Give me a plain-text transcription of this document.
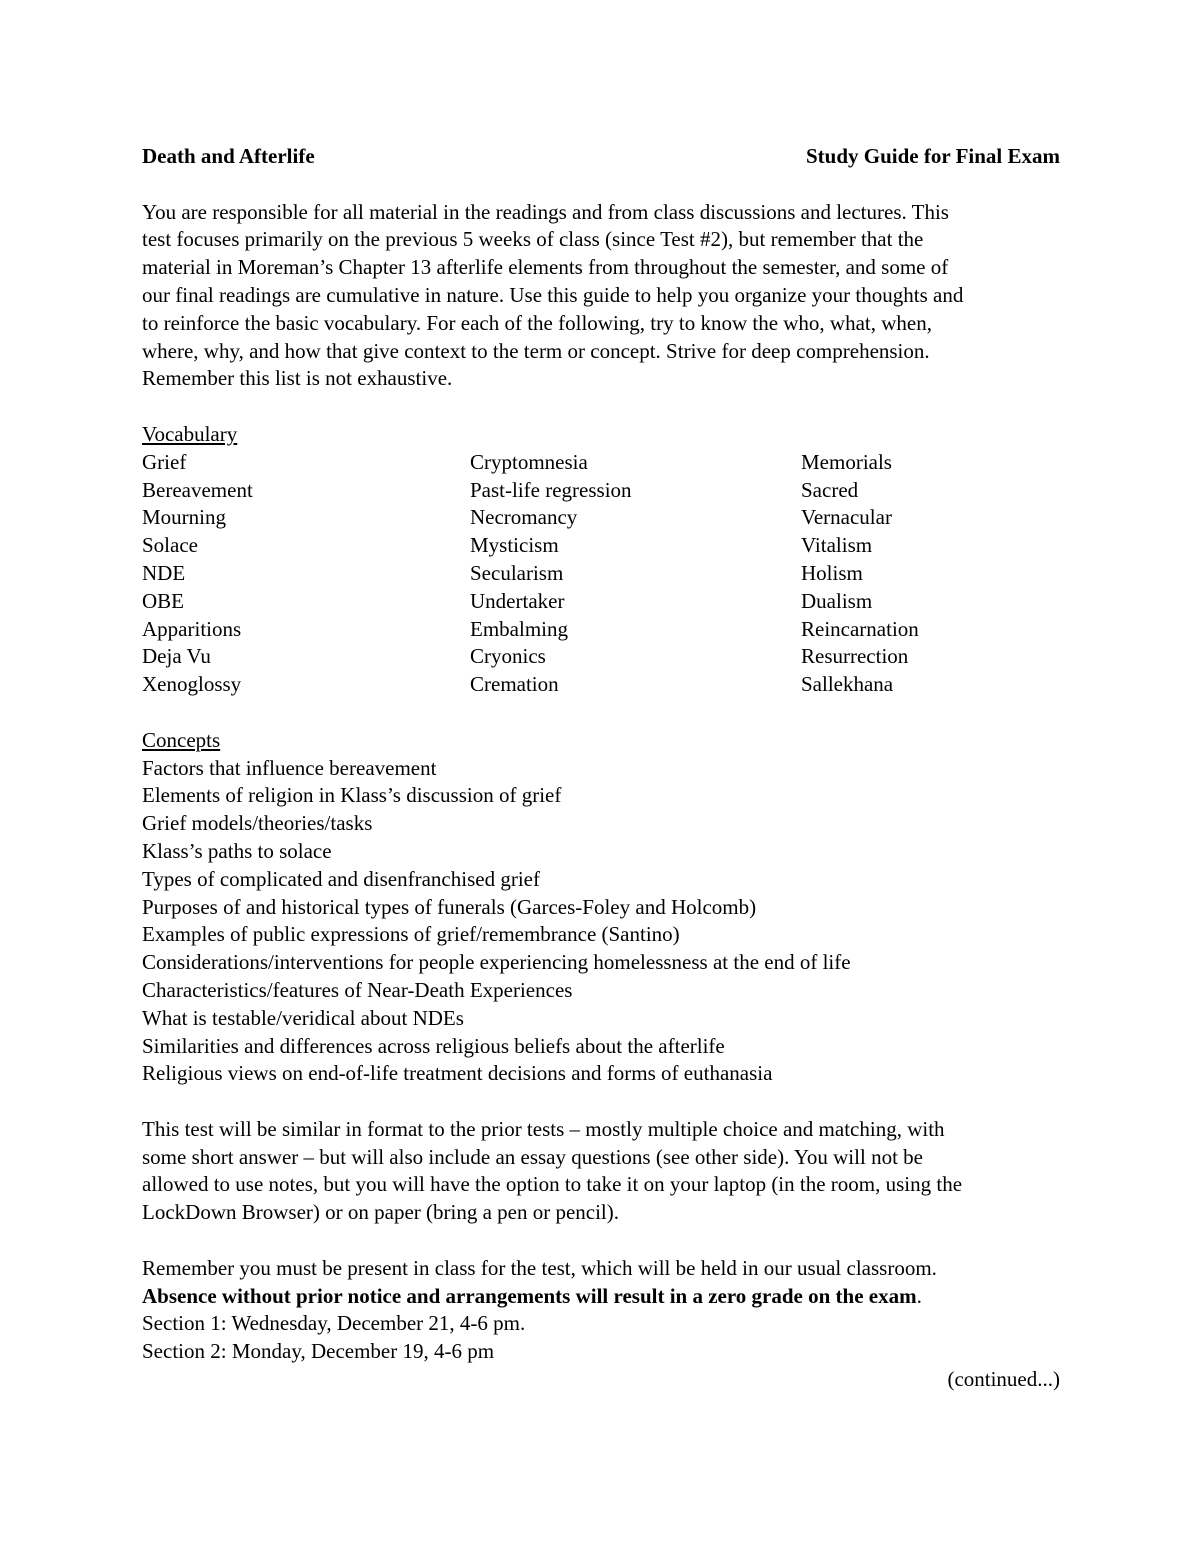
Death and Afterlife	Study Guide for Final Exam
You are responsible for all material in the readings and from class discussions and lectures. This
test focuses primarily on the previous 5 weeks of class (since Test #2), but remember that the
material in Moreman’s Chapter 13 afterlife elements from throughout the semester, and some of
our final readings are cumulative in nature. Use this guide to help you organize your thoughts and
to reinforce the basic vocabulary. For each of the following, try to know the who, what, when,
where, why, and how that give context to the term or concept. Strive for deep comprehension.
Remember this list is not exhaustive.
Vocabulary
Grief	Cryptomnesia	Memorials
Bereavement	Past-life regression	Sacred
Mourning	Necromancy	Vernacular
Solace	Mysticism	Vitalism
NDE	Secularism	Holism
OBE	Undertaker	Dualism
Apparitions	Embalming	Reincarnation
Deja Vu	Cryonics	Resurrection
Xenoglossy	Cremation	Sallekhana
Concepts
Factors that influence bereavement
Elements of religion in Klass’s discussion of grief
Grief models/theories/tasks
Klass’s paths to solace
Types of complicated and disenfranchised grief
Purposes of and historical types of funerals (Garces-Foley and Holcomb)
Examples of public expressions of grief/remembrance (Santino)
Considerations/interventions for people experiencing homelessness at the end of life
Characteristics/features of Near-Death Experiences
What is testable/veridical about NDEs
Similarities and differences across religious beliefs about the afterlife
Religious views on end-of-life treatment decisions and forms of euthanasia
This test will be similar in format to the prior tests – mostly multiple choice and matching, with
some short answer – but will also include an essay questions (see other side). You will not be
allowed to use notes, but you will have the option to take it on your laptop (in the room, using the
LockDown Browser) or on paper (bring a pen or pencil).
Remember you must be present in class for the test, which will be held in our usual classroom.
Absence without prior notice and arrangements will result in a zero grade on the exam.
Section 1: Wednesday, December 21, 4-6 pm.
Section 2: Monday, December 19, 4-6 pm
(continued...)
